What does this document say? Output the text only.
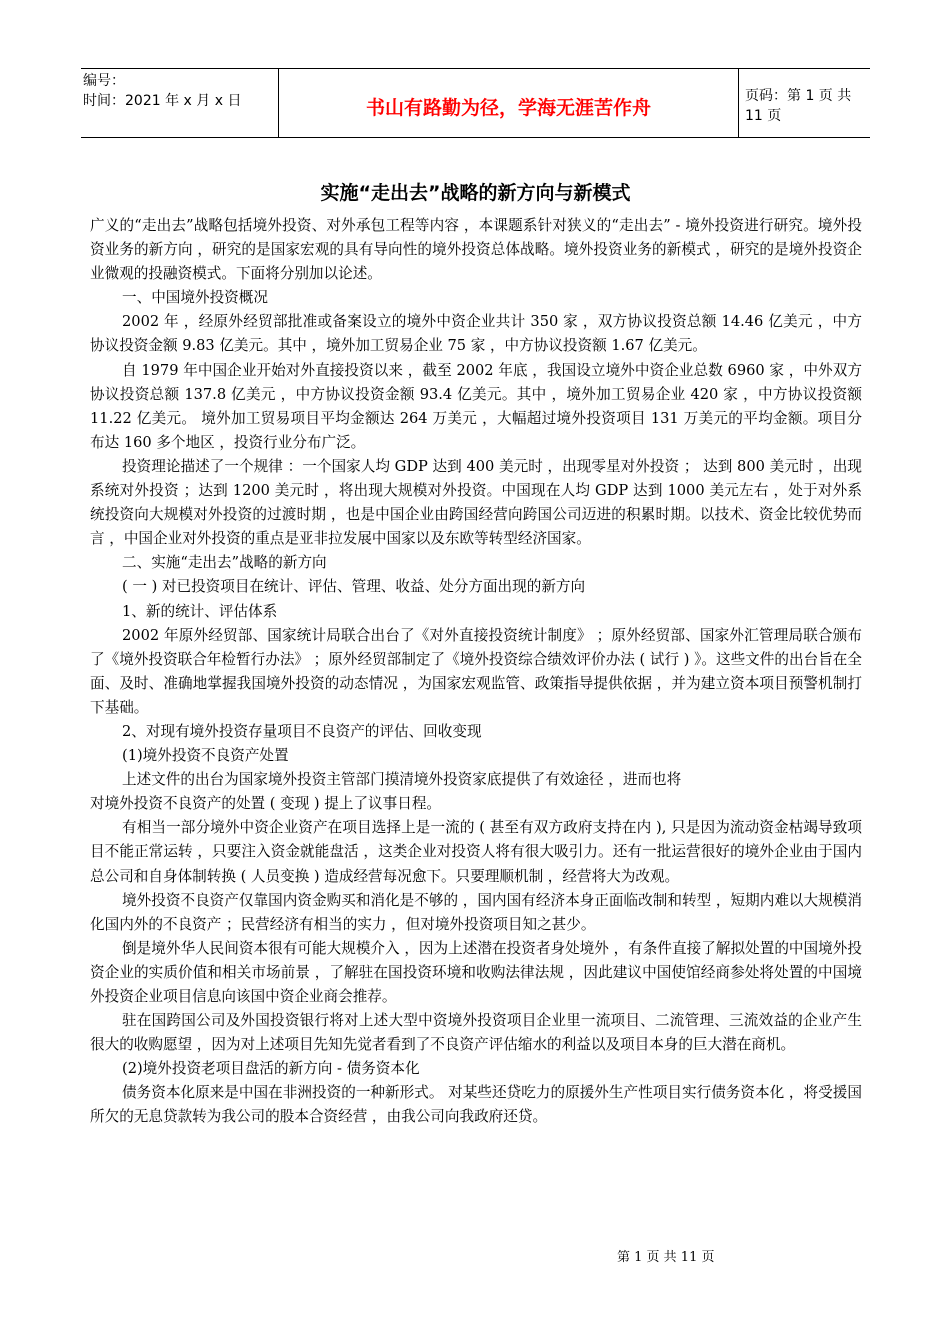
编号：
时间：2021 年 x 月 x 日	书山有路勤为径，学海无涯苦作舟
页码：第 1 页 共 11 页
实施“走出去”战略的新方向与新模式

广义的“走出去”战略包括境外投资、对外承包工程等内容 ，本课题系针对狭义的“走出去” - 境外投资进行研究。境外投资业务的新方向 ，研究的是国家宏观的具有导向性的境外投资总体战略。境外投资业务的新模式 ，研究的是境外投资企业微观的投融资模式。下面将分别加以论述。

一、中国境外投资概况

2002 年 ，经原外经贸部批准或备案设立的境外中资企业共计 350 家 ，双方协议投资总额 14.46 亿美元 ，中方协议投资金额 9.83 亿美元。其中 ，境外加工贸易企业 75 家 ，中方协议投资额 1.67 亿美元。

自 1979 年中国企业开始对外直接投资以来 ，截至 2002 年底 ，我国设立境外中资企业总数 6960 家 ，中外双方协议投资总额 137.8 亿美元 ，中方协议投资金额 93.4 亿美元。其中 ，境外加工贸易企业 420 家 ，中方协议投资额 11.22 亿美元。 境外加工贸易项目平均金额达 264 万美元 ，大幅超过境外投资项目 131 万美元的平均金额。项目分布达 160 多个地区 ，投资行业分布广泛。

投资理论描述了一个规律 ：一个国家人均 GDP 达到 400 美元时 ，出现零星对外投资 ； 达到 800 美元时 ，出现系统对外投资 ；达到 1200 美元时 ，将出现大规模对外投资。中国现在人均 GDP 达到 1000 美元左右 ，处于对外系统投资向大规模对外投资的过渡时期 ，也是中国企业由跨国经营向跨国公司迈进的积累时期。以技术、资金比较优势而言 ，中国企业对外投资的重点是亚非拉发展中国家以及东欧等转型经济国家。

二、实施“走出去”战略的新方向

( 一 ) 对已投资项目在统计、评估、管理、收益、处分方面出现的新方向

1、新的统计、评估体系

2002 年原外经贸部、国家统计局联合出台了《对外直接投资统计制度》 ；原外经贸部、国家外汇管理局联合颁布了《境外投资联合年检暂行办法》 ；原外经贸部制定了《境外投资综合绩效评价办法 ( 试行 ) 》。这些文件的出台旨在全面、及时、准确地掌握我国境外投资的动态情况 ，为国家宏观监管、政策指导提供依据 ，并为建立资本项目预警机制打下基础。

2、对现有境外投资存量项目不良资产的评估、回收变现

(1)境外投资不良资产处置

上述文件的出台为国家境外投资主管部门摸清境外投资家底提供了有效途径 ，进而也将

对境外投资不良资产的处置 ( 变现 ) 提上了议事日程。

有相当一部分境外中资企业资产在项目选择上是一流的 ( 甚至有双方政府支持在内 ), 只是因为流动资金枯竭导致项目不能正常运转 ，只要注入资金就能盘活 ，这类企业对投资人将有很大吸引力。还有一批运营很好的境外企业由于国内总公司和自身体制转换 ( 人员变换 ) 造成经营每况愈下。只要理顺机制 ，经营将大为改观。

境外投资不良资产仅靠国内资金购买和消化是不够的 ，国内国有经济本身正面临改制和转型 ，短期内难以大规模消化国内外的不良资产 ；民营经济有相当的实力 ，但对境外投资项目知之甚少。

倒是境外华人民间资本很有可能大规模介入 ，因为上述潜在投资者身处境外 ，有条件直接了解拟处置的中国境外投资企业的实质价值和相关市场前景 ，了解驻在国投资环境和收购法律法规 ，因此建议中国使馆经商参处将处置的中国境外投资企业项目信息向该国中资企业商会推荐。

驻在国跨国公司及外国投资银行将对上述大型中资境外投资项目企业里一流项目、二流管理、三流效益的企业产生很大的收购愿望 ，因为对上述项目先知先觉者看到了不良资产评估缩水的利益以及项目本身的巨大潜在商机。

(2)境外投资老项目盘活的新方向 - 债务资本化

债务资本化原来是中国在非洲投资的一种新形式。 对某些还贷吃力的原援外生产性项目实行债务资本化 ，将受援国所欠的无息贷款转为我公司的股本合资经营 ，由我公司向我政府还贷。

第 1 页 共 11 页
